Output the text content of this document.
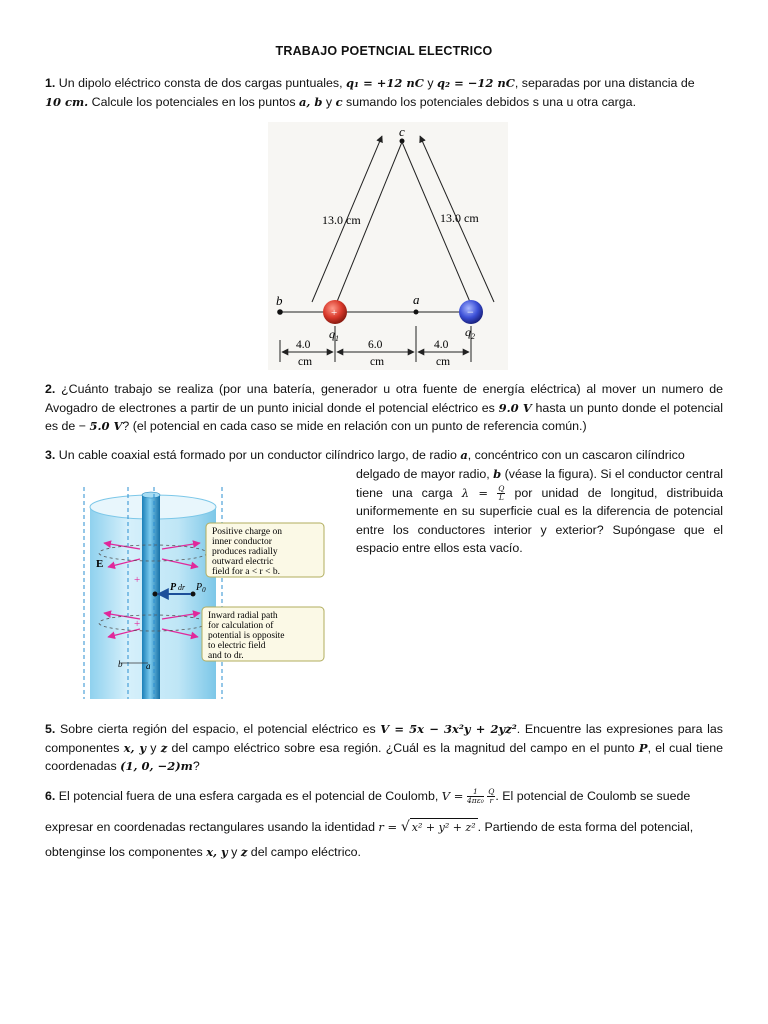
TRABAJO POETNCIAL ELECTRICO
1. Un dipolo eléctrico consta de dos cargas puntuales, q₁ = +12 nC y q₂ = −12 nC, separadas por una distancia de
10 cm. Calcule los potenciales en los puntos a, b y c sumando los potenciales debidos s una u otra carga.
c
13.0 cm	13.0 cm
b	a
+	−
$q_1$	$q_2$
4.0
cm
6.0
cm
4.0
cm
2. ¿Cuánto trabajo se realiza (por una batería, generador u otra fuente de energía eléctrica) al mover un numero de Avogadro de electrones a partir de un punto inicial donde el potencial eléctrico es 9.0 V hasta un punto donde el potencial es de − 5.0 V? (el potencial en cada caso se mide en relación con un punto de referencia común.)
3. Un cable coaxial está formado por un conductor cilíndrico largo, de radio a, concéntrico con un cascaron cilíndrico
delgado de mayor radio, b (véase la figura). Si el conductor central tiene una carga $\lambda = \frac{Q}{L}$ por unidad de longitud, distribuida uniformemente en su superficie cual es la diferencia de potencial entre los conductores interior y exterior? Supóngase que el espacio entre ellos esta vacío.
E
+
+
P dr $P_0$
b	a
Positive charge on
inner conductor
produces radially
outward electric
field for a < r < b.
Inward radial path
for calculation of
potential is opposite
to electric field
and to dr.
5. Sobre cierta región del espacio, el potencial eléctrico es V = 5x − 3x²y + 2yz². Encuentre las expresiones para las componentes x, y y z del campo eléctrico sobre esa región. ¿Cuál es la magnitud del campo en el punto P, el cual tiene coordenadas (1, 0, −2)m?
6. El potencial fuera de una esfera cargada es el potencial de Coulomb, $V = \frac{1}{\text{4πε₀}}$
$\frac{Q}{r}$ . El potencial de Coulomb se suede
expresar en coordenadas rectangulares usando la identidad r = √ x² + y² + z² . Partiendo de esta forma del potencial,
obtenginse los componentes x, y y z del campo eléctrico.
